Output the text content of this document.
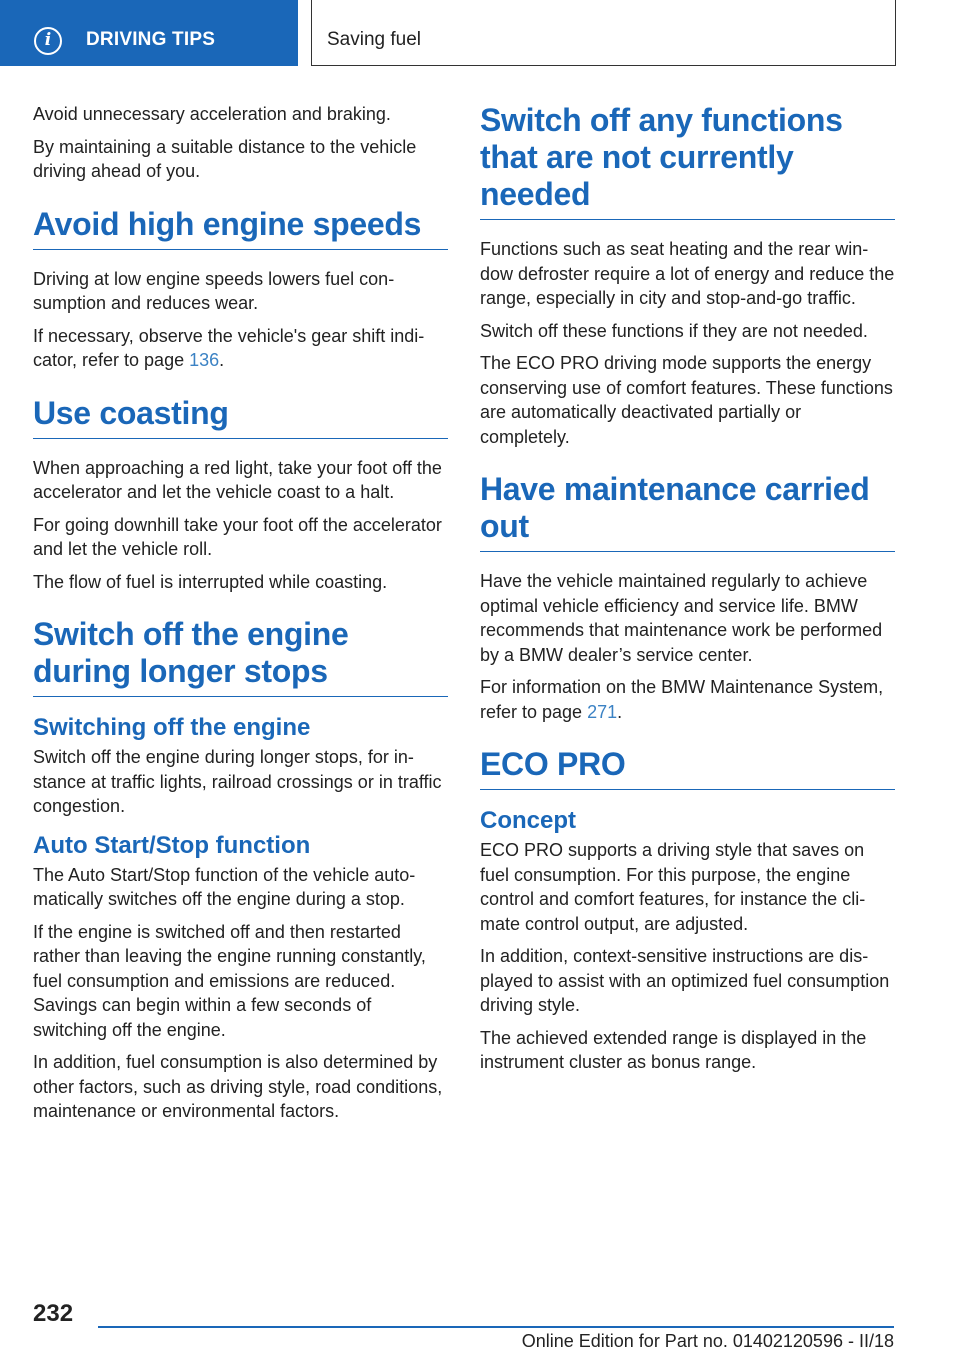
i	DRIVING TIPS	Saving fuel

Avoid unnecessary acceleration and braking.

By maintaining a suitable distance to the vehicle driving ahead of you.

Avoid high engine speeds

Driving at low engine speeds lowers fuel consumption and reduces wear.

If necessary, observe the vehicle's gear shift indicator, refer to page 136.

Use coasting

When approaching a red light, take your foot off the accelerator and let the vehicle coast to a halt.

For going downhill take your foot off the accelerator and let the vehicle roll.

The flow of fuel is interrupted while coasting.

Switch off the engine during longer stops
Switching off the engine

Switch off the engine during longer stops, for instance at traffic lights, railroad crossings or in traffic congestion.

Auto Start/Stop function

The Auto Start/Stop function of the vehicle automatically switches off the engine during a stop.

If the engine is switched off and then restarted rather than leaving the engine running constantly, fuel consumption and emissions are reduced. Savings can begin within a few seconds of switching off the engine.

In addition, fuel consumption is also determined by other factors, such as driving style, road conditions, maintenance or environmental factors.

Switch off any functions that are not currently needed

Functions such as seat heating and the rear window defroster require a lot of energy and reduce the range, especially in city and stop-and-go traffic.

Switch off these functions if they are not needed.

The ECO PRO driving mode supports the energy conserving use of comfort features. These functions are automatically deactivated partially or completely.

Have maintenance carried out

Have the vehicle maintained regularly to achieve optimal vehicle efficiency and service life. BMW recommends that maintenance work be performed by a BMW dealer’s service center.

For information on the BMW Maintenance System, refer to page 271.

ECO PRO
Concept

ECO PRO supports a driving style that saves on fuel consumption. For this purpose, the engine control and comfort features, for instance the climate control output, are adjusted.

In addition, context-sensitive instructions are displayed to assist with an optimized fuel consumption driving style.

The achieved extended range is displayed in the instrument cluster as bonus range.

232
Online Edition for Part no. 01402120596 - II/18
